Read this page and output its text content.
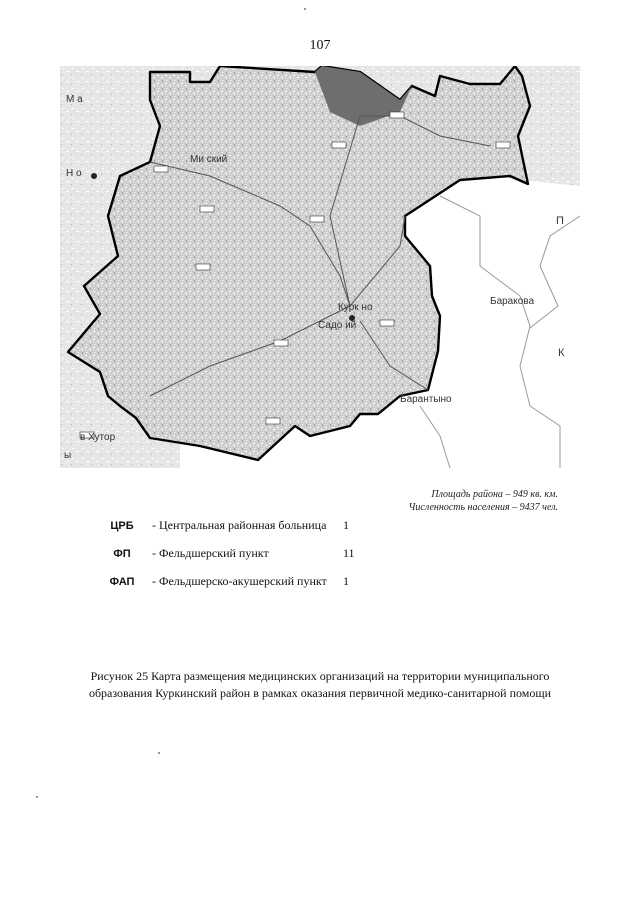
107
М а
Н о
Ми ский
Курк но
Садо ий
в Хутор
ы
Баракова
Барантыно
П
К
Площадь района – 949 кв. км.
Численность населения – 9437 чел.
ЦРБ	- Центральная районная больница 1
ФП	- Фельдшерский пункт	11
ФАП	- Фельдшерско-акушерский пункт 1
Рисунок 25 Карта размещения медицинских организаций на территории муниципального
образования Куркинский район в рамках оказания первичной медико-санитарной помощи
